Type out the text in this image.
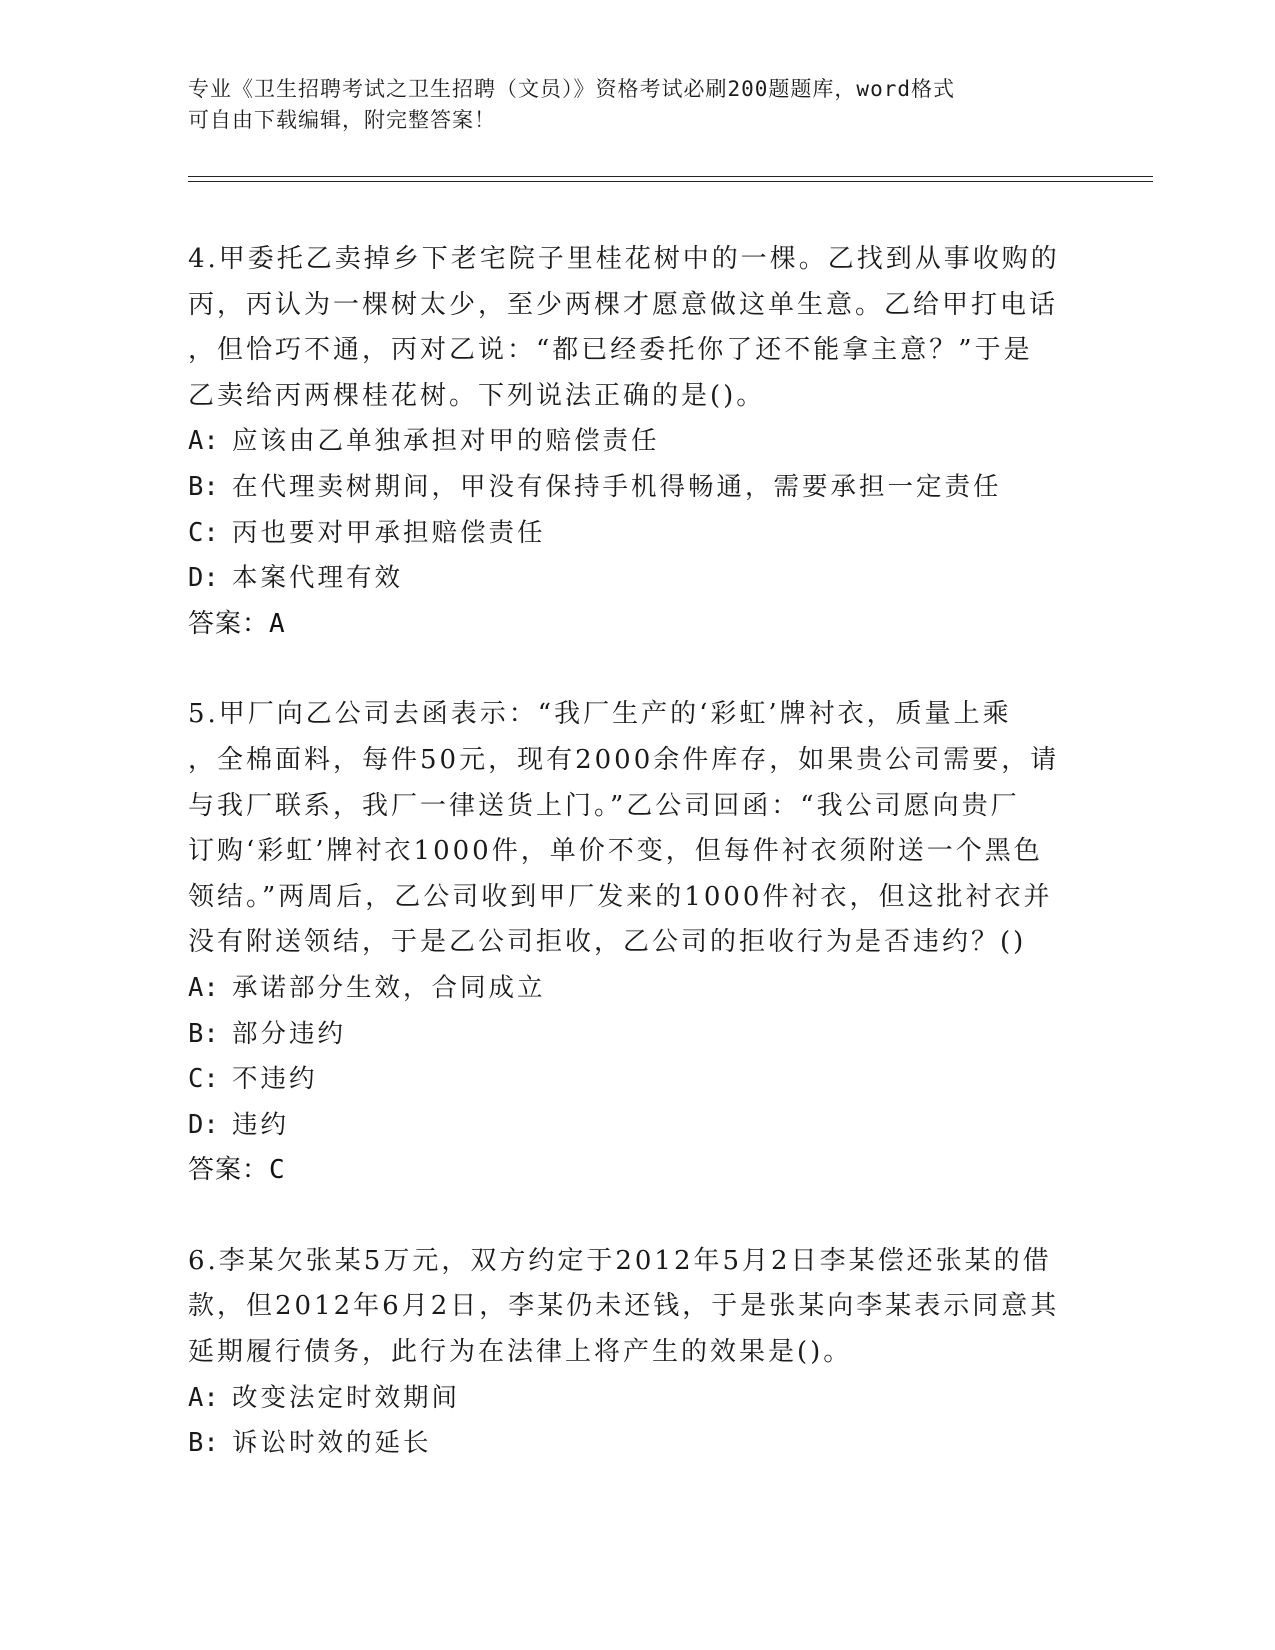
专业《卫生招聘考试之卫生招聘（文员）》资格考试必刷200题题库，word格式
可自由下载编辑，附完整答案！
4.甲委托乙卖掉乡下老宅院子里桂花树中的一棵。乙找到从事收购的
丙，丙认为一棵树太少，至少两棵才愿意做这单生意。乙给甲打电话
，但恰巧不通，丙对乙说：“都已经委托你了还不能拿主意？”于是
乙卖给丙两棵桂花树。下列说法正确的是()。
A: 应该由乙单独承担对甲的赔偿责任
B: 在代理卖树期间，甲没有保持手机得畅通，需要承担一定责任
C: 丙也要对甲承担赔偿责任
D: 本案代理有效
答案：A
5.甲厂向乙公司去函表示：“我厂生产的‘彩虹’牌衬衣，质量上乘
，全棉面料，每件50元，现有2000余件库存，如果贵公司需要，请
与我厂联系，我厂一律送货上门。”乙公司回函：“我公司愿向贵厂
订购‘彩虹’牌衬衣1000件，单价不变，但每件衬衣须附送一个黑色
领结。”两周后，乙公司收到甲厂发来的1000件衬衣，但这批衬衣并
没有附送领结，于是乙公司拒收，乙公司的拒收行为是否违约？()
A: 承诺部分生效，合同成立
B: 部分违约
C: 不违约
D: 违约
答案：C
6.李某欠张某5万元，双方约定于2012年5月2日李某偿还张某的借
款，但2012年6月2日，李某仍未还钱，于是张某向李某表示同意其
延期履行债务，此行为在法律上将产生的效果是()。
A: 改变法定时效期间
B: 诉讼时效的延长
